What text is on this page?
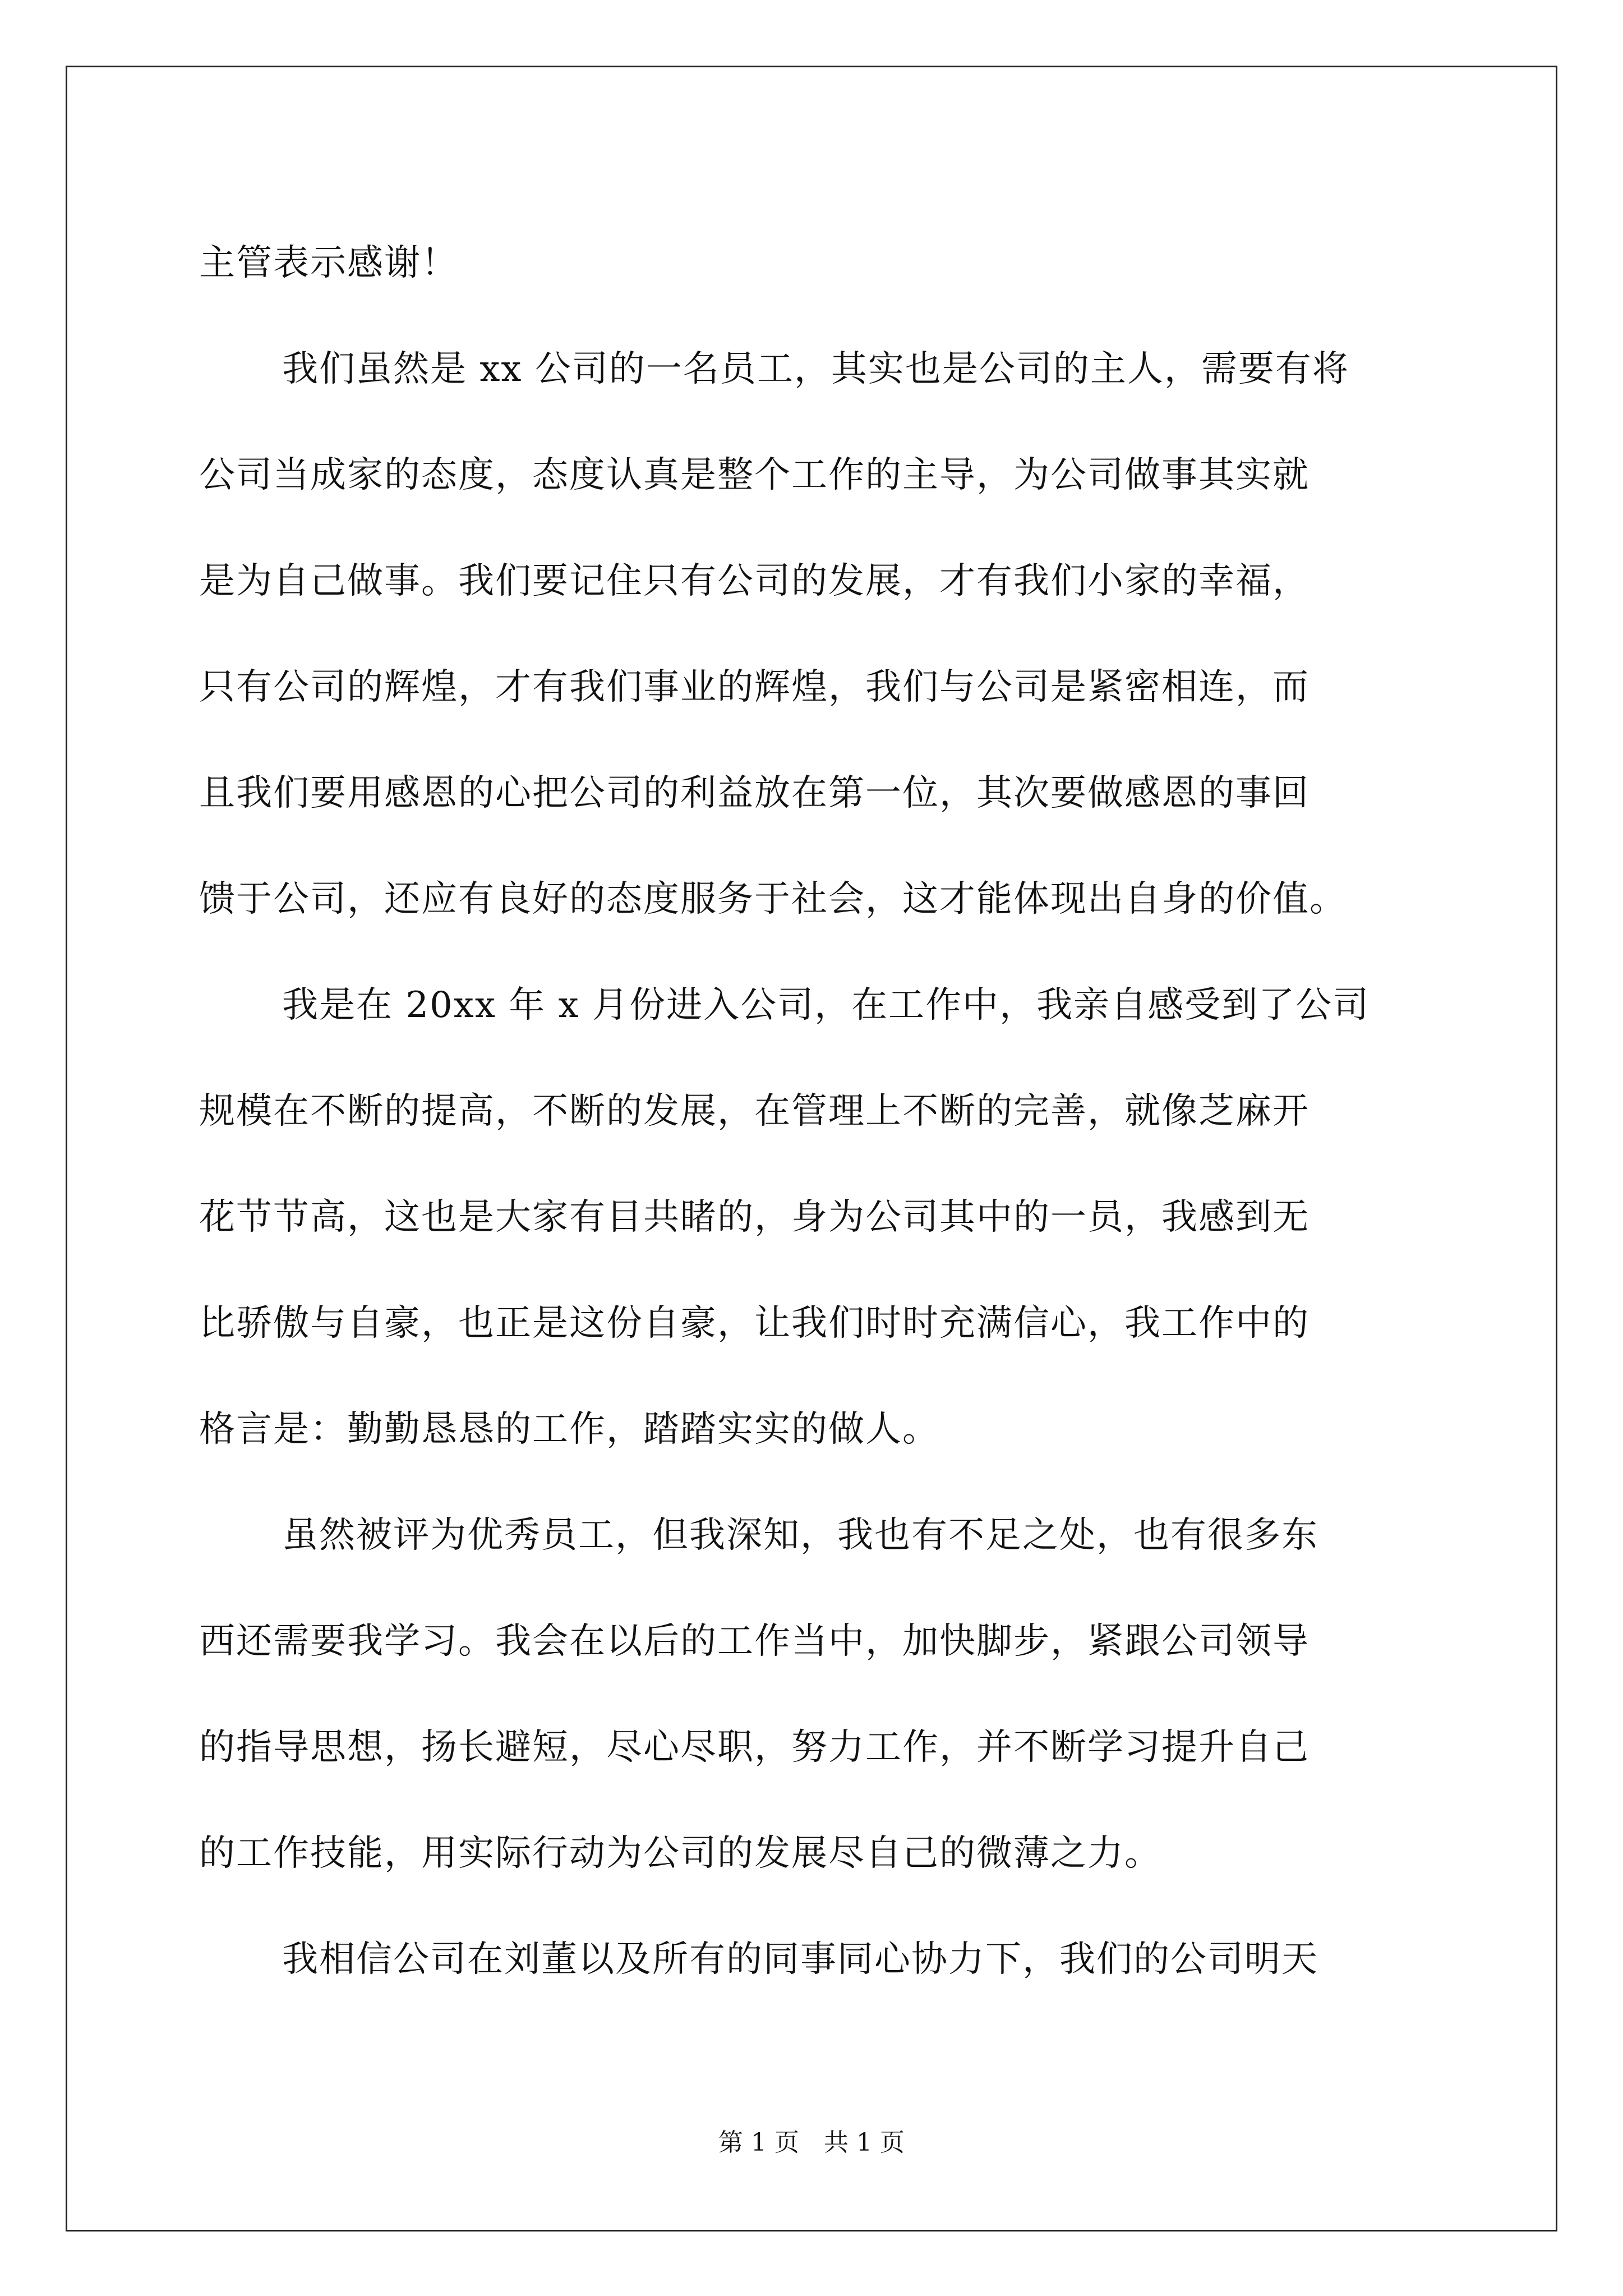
主管表示感谢！
我们虽然是 xx 公司的一名员工，其实也是公司的主人，需要有将
公司当成家的态度，态度认真是整个工作的主导，为公司做事其实就
是为自己做事。我们要记住只有公司的发展，才有我们小家的幸福，
只有公司的辉煌，才有我们事业的辉煌，我们与公司是紧密相连，而
且我们要用感恩的心把公司的利益放在第一位，其次要做感恩的事回
馈于公司，还应有良好的态度服务于社会，这才能体现出自身的价值。
我是在 20xx 年 x 月份进入公司，在工作中，我亲自感受到了公司
规模在不断的提高，不断的发展，在管理上不断的完善，就像芝麻开
花节节高，这也是大家有目共睹的，身为公司其中的一员，我感到无
比骄傲与自豪，也正是这份自豪，让我们时时充满信心，我工作中的
格言是：勤勤恳恳的工作，踏踏实实的做人。
虽然被评为优秀员工，但我深知，我也有不足之处，也有很多东
西还需要我学习。我会在以后的工作当中，加快脚步，紧跟公司领导
的指导思想，扬长避短，尽心尽职，努力工作，并不断学习提升自己
的工作技能，用实际行动为公司的发展尽自己的微薄之力。
我相信公司在刘董以及所有的同事同心协力下，我们的公司明天
第 1 页　共 1 页
